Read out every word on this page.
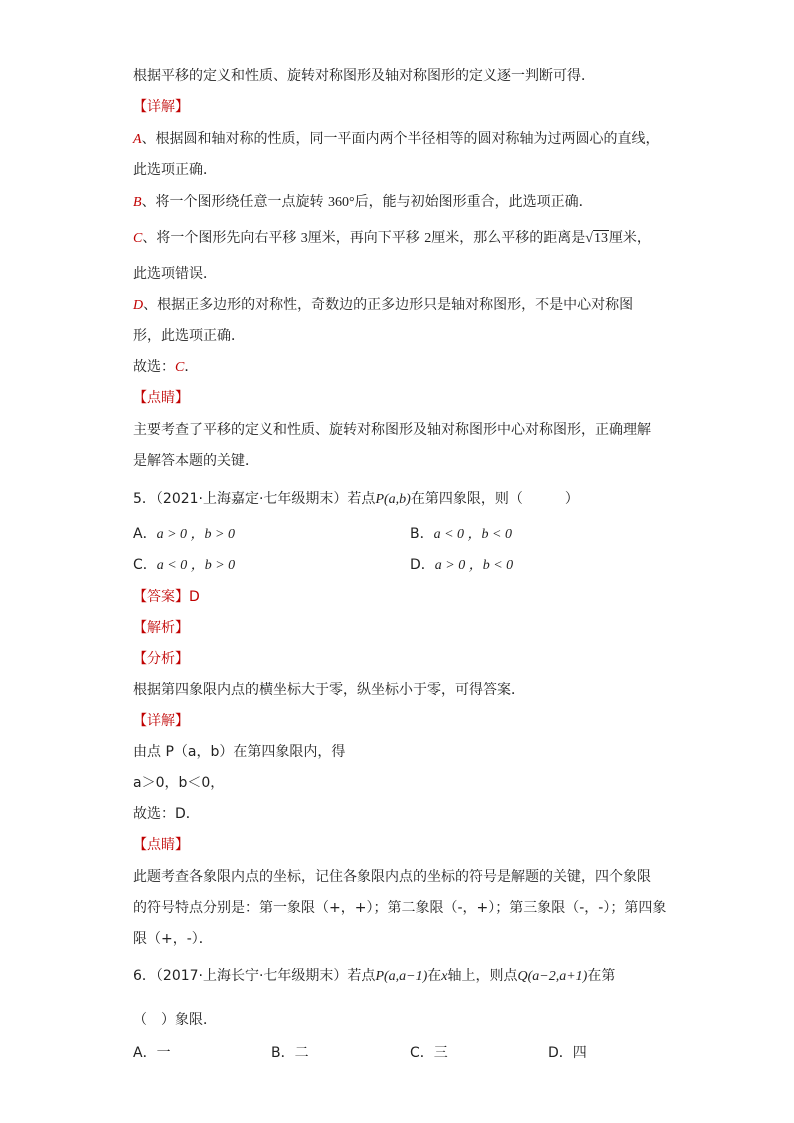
根据平移的定义和性质、旋转对称图形及轴对称图形的定义逐一判断可得．
【详解】
A、根据圆和轴对称的性质，同一平面内两个半径相等的圆对称轴为过两圆心的直线，
此选项正确．
B、将一个图形绕任意一点旋转 360°后，能与初始图形重合，此选项正确．
C、将一个图形先向右平移 3厘米，再向下平移 2厘米，那么平移的距离是√13厘米，
此选项错误．
D、根据正多边形的对称性，奇数边的正多边形只是轴对称图形，不是中心对称图
形，此选项正确．
故选：C．
【点睛】
主要考查了平移的定义和性质、旋转对称图形及轴对称图形中心对称图形，正确理解
是解答本题的关键．
5．（2021·上海嘉定·七年级期末）若点P(a,b)在第四象限，则（　　　）
A．a > 0 ，b > 0	B．a < 0 ，b < 0
C．a < 0 ，b > 0	D．a > 0 ，b < 0
【答案】D
【解析】
【分析】
根据第四象限内点的横坐标大于零，纵坐标小于零，可得答案．
【详解】
由点 P（a，b）在第四象限内，得
a＞0，b＜0，
故选：D．
【点睛】
此题考查各象限内点的坐标，记住各象限内点的坐标的符号是解题的关键，四个象限
的符号特点分别是：第一象限（+，+）；第二象限（-，+）；第三象限（-，-）；第四象
限（+，-）．
6．（2017·上海长宁·七年级期末）若点P(a,a−1)在x轴上，则点Q(a−2,a+1)在第
（　）象限．
A．一	B．二	C．三	D．四
